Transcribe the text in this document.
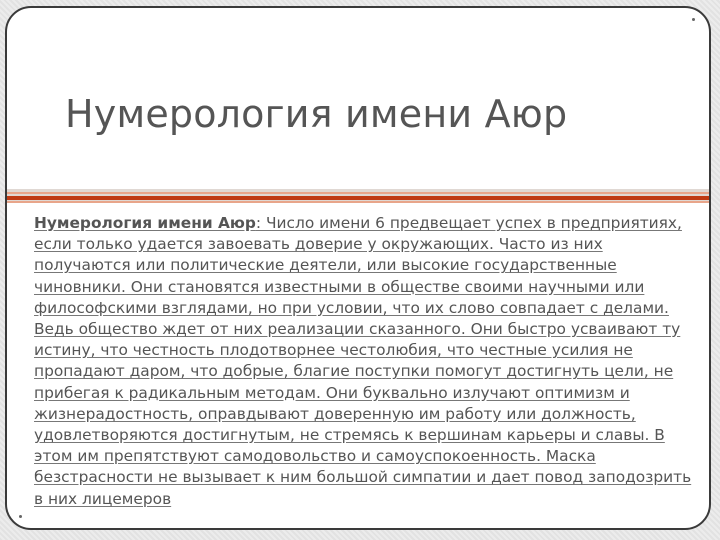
Нумерология имени Аюр
Нумерология имени Аюр: Число имени 6 предвещает успех в предприятиях, если только удается завоевать доверие у окружающих. Часто из них получаются или политические деятели, или высокие государственные чиновники. Они становятся известными в обществе своими научными или философскими взглядами, но при условии, что их слово совпадает с делами. Ведь общество ждет от них реализации сказанного. Они быстро усваивают ту истину, что честность плодотворнее честолюбия, что честные усилия не пропадают даром, что добрые, благие поступки помогут достигнуть цели, не прибегая к радикальным методам. Они буквально излучают оптимизм и жизнерадостность, оправдывают доверенную им работу или должность, удовлетворяются достигнутым, не стремясь к вершинам карьеры и славы. В этом им препятствуют самодовольство и самоуспокоенность. Маска безстрасности не вызывает к ним большой симпатии и дает повод заподозрить в них лицемеров
